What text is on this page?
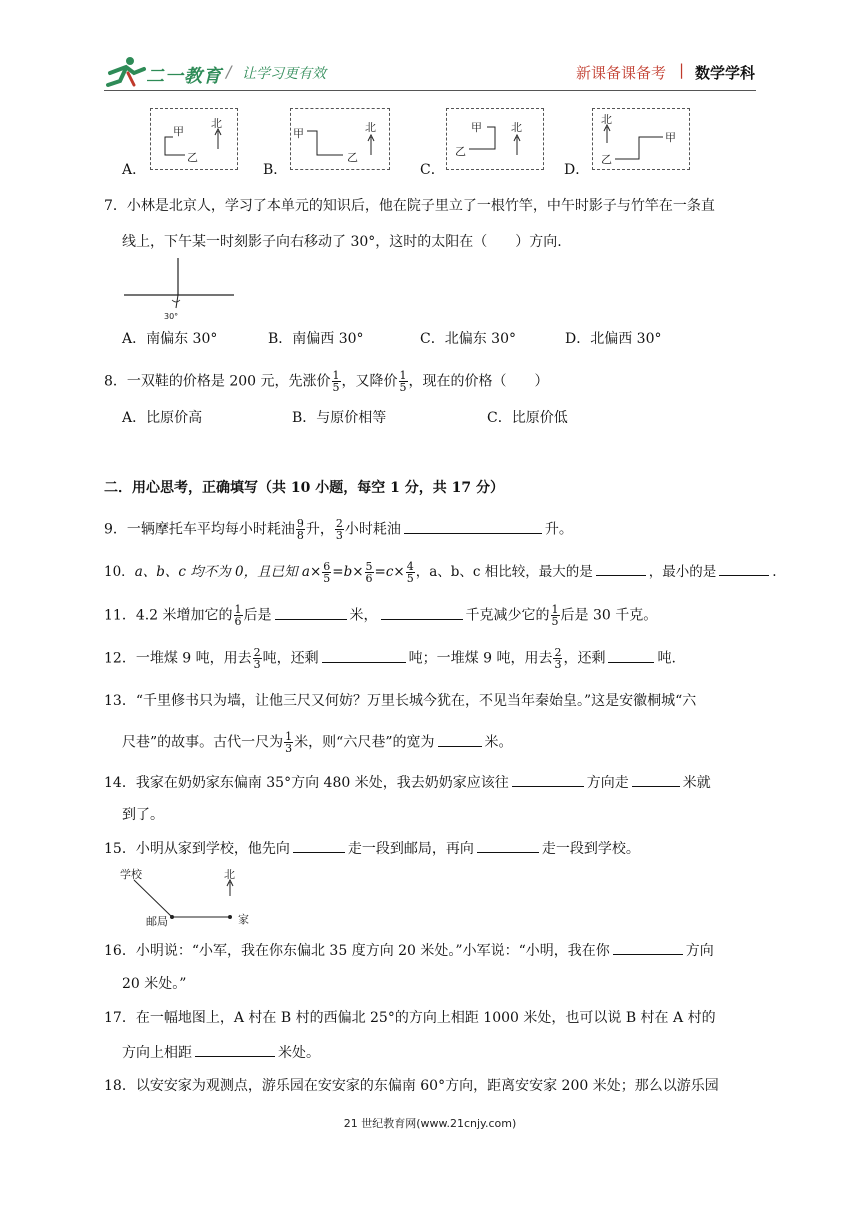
二一教育 / 让学习更有效	新课备课备考 | 数学学科
A．
甲
乙
北
B．
甲
乙
北
C．
甲
乙
北
D．
北
甲
乙
7．小林是北京人，学习了本单元的知识后，他在院子里立了一根竹竿，中午时影子与竹竿在一条直
线上，下午某一时刻影子向右移动了 30°，这时的太阳在（　　）方向.
30°
A．南偏东 30°	B．南偏西 30°	C．北偏东 30°	D．北偏西 30°
8．一双鞋的价格是 200 元，先涨价 $\frac{1}{5}$ ，又降价 $\frac{1}{5}$ ，现在的价格（　　）
A．比原价高	B．与原价相等	C．比原价低
二．用心思考，正确填写（共 10 小题，每空 1 分，共 17 分）
9．一辆摩托车平均每小时耗油 $\frac{9}{8}$ 升， $\frac{2}{3}$ 小时耗油	升。
10．a、b、c 均不为 0，且已知 $a\times \frac{6}{5} =b\times \frac{5}{6} =c\times \frac{4}{5}$ ，a、b、c 相比较，最大的是	，最小的是	.
11．4.2 米增加它的 $\frac{1}{6}$ 后是	米，	千克减少它的 $\frac{1}{5}$ 后是 30 千克。
12．一堆煤 9 吨，用去 $\frac{2}{3}$ 吨，还剩	吨；一堆煤 9 吨，用去 $\frac{2}{3}$ ，还剩	吨.
13．“千里修书只为墙，让他三尺又何妨？万里长城今犹在，不见当年秦始皇。”这是安徽桐城“六
尺巷”的故事。古代一尺为 $\frac{1}{3}$ 米，则“六尺巷”的宽为	米。
14．我家在奶奶家东偏南 35°方向 480 米处，我去奶奶家应该往	方向走	米就
到了。
15．小明从家到学校，他先向	走一段到邮局，再向	走一段到学校。
学校
邮局	家
北
16．小明说：“小军，我在你东偏北 35 度方向 20 米处。”小军说：“小明，我在你	方向
20 米处。”
17．在一幅地图上，A 村在 B 村的西偏北 25°的方向上相距 1000 米处，也可以说 B 村在 A 村的
方向上相距	米处。
18．以安安家为观测点，游乐园在安安家的东偏南 60°方向，距离安安家 200 米处；那么以游乐园
21 世纪教育网(www.21cnjy.com)
